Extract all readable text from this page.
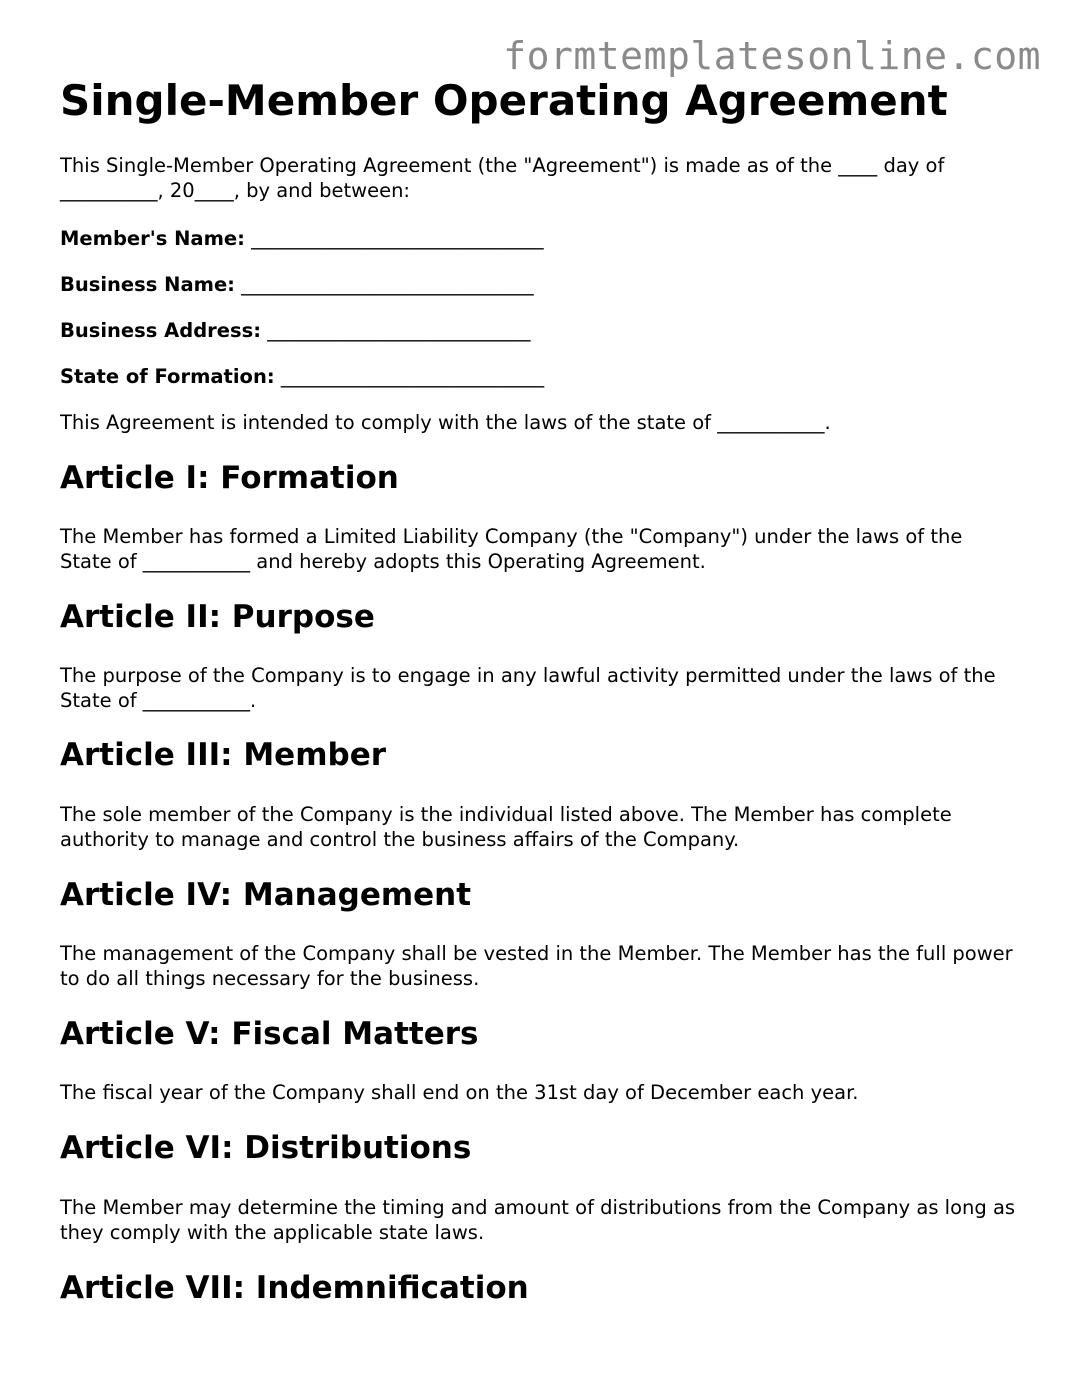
formtemplatesonline.com
Single-Member Operating Agreement

This Single-Member Operating Agreement (the "Agreement") is made as of the ____ day of __________, 20____, by and between:

Member's Name: ______________________________

Business Name: ______________________________

Business Address: ___________________________

State of Formation: ___________________________

This Agreement is intended to comply with the laws of the state of ___________.

Article I: Formation

The Member has formed a Limited Liability Company (the "Company") under the laws of the State of ___________ and hereby adopts this Operating Agreement.

Article II: Purpose

The purpose of the Company is to engage in any lawful activity permitted under the laws of the State of ___________.

Article III: Member

The sole member of the Company is the individual listed above. The Member has complete authority to manage and control the business affairs of the Company.

Article IV: Management

The management of the Company shall be vested in the Member. The Member has the full power to do all things necessary for the business.

Article V: Fiscal Matters

The fiscal year of the Company shall end on the 31st day of December each year.

Article VI: Distributions

The Member may determine the timing and amount of distributions from the Company as long as they comply with the applicable state laws.

Article VII: Indemnification
